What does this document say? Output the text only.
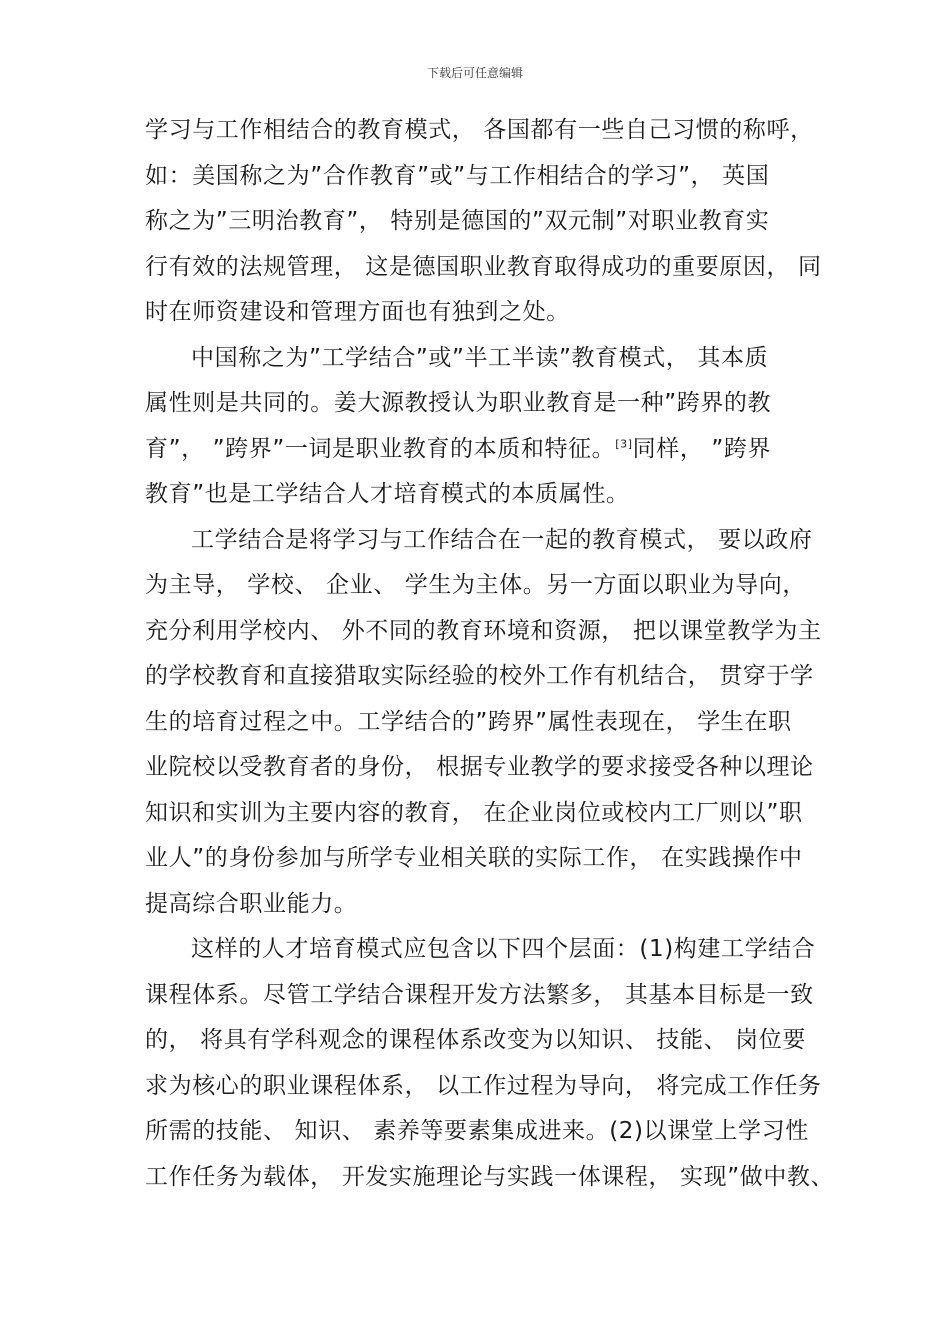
下载后可任意编辑
学习与工作相结合的教育模式， 各国都有一些自己习惯的称呼，
如：美国称之为”合作教育”或”与工作相结合的学习”， 英国
称之为”三明治教育”， 特别是德国的”双元制”对职业教育实
行有效的法规管理， 这是德国职业教育取得成功的重要原因， 同
时在师资建设和管理方面也有独到之处。
中国称之为”工学结合”或”半工半读”教育模式， 其本质
属性则是共同的。姜大源教授认为职业教育是一种”跨界的教
育”， ”跨界”一词是职业教育的本质和特征。[3]同样， ”跨界
教育”也是工学结合人才培育模式的本质属性。
工学结合是将学习与工作结合在一起的教育模式， 要以政府
为主导， 学校、 企业、 学生为主体。另一方面以职业为导向，
充分利用学校内、 外不同的教育环境和资源， 把以课堂教学为主
的学校教育和直接猎取实际经验的校外工作有机结合， 贯穿于学
生的培育过程之中。工学结合的”跨界”属性表现在， 学生在职
业院校以受教育者的身份， 根据专业教学的要求接受各种以理论
知识和实训为主要内容的教育， 在企业岗位或校内工厂则以”职
业人”的身份参加与所学专业相关联的实际工作， 在实践操作中
提高综合职业能力。
这样的人才培育模式应包含以下四个层面：(1)构建工学结合
课程体系。尽管工学结合课程开发方法繁多， 其基本目标是一致
的， 将具有学科观念的课程体系改变为以知识、 技能、 岗位要
求为核心的职业课程体系， 以工作过程为导向， 将完成工作任务
所需的技能、 知识、 素养等要素集成进来。(2)以课堂上学习性
工作任务为载体， 开发实施理论与实践一体课程， 实现”做中教、
